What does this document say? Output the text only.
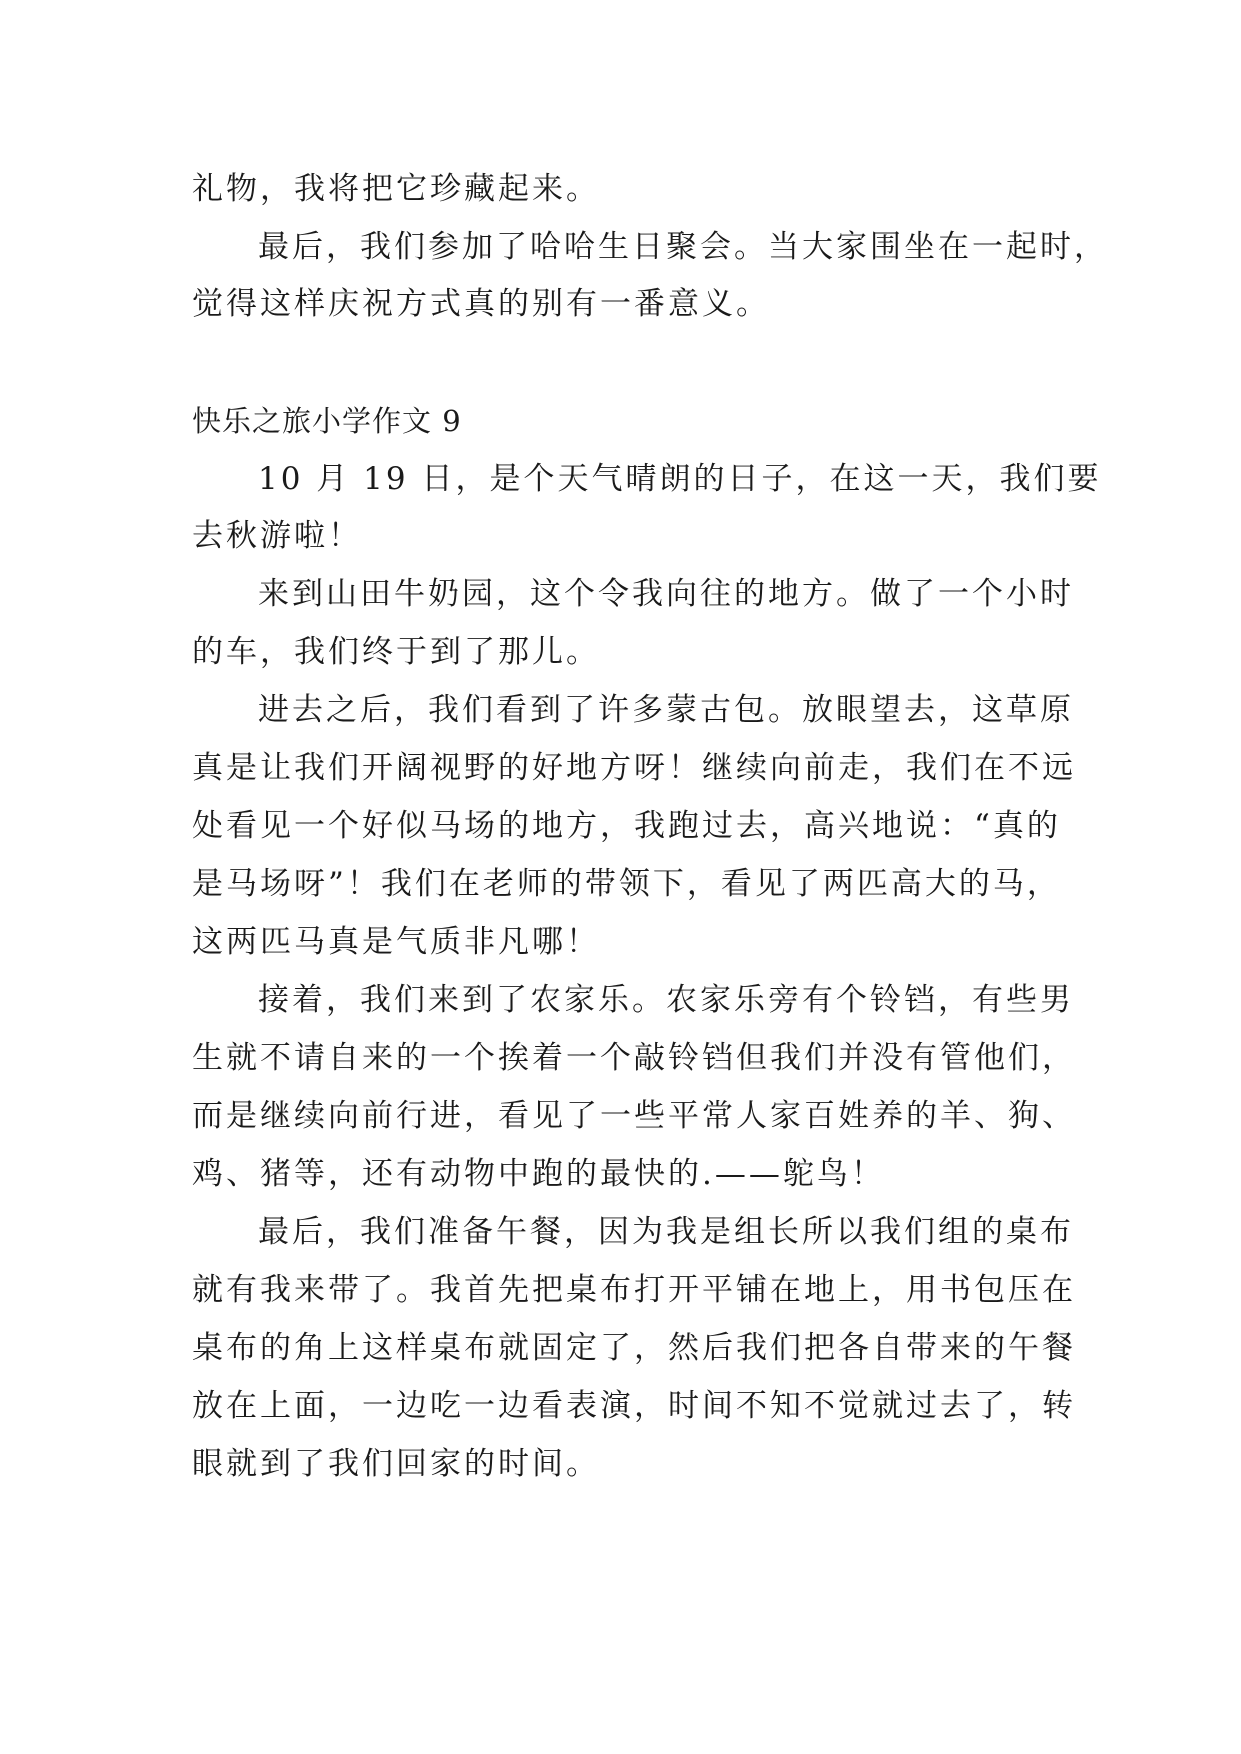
礼物，我将把它珍藏起来。
最后，我们参加了哈哈生日聚会。当大家围坐在一起时，
觉得这样庆祝方式真的别有一番意义。
快乐之旅小学作文 9
10 月 19 日，是个天气晴朗的日子，在这一天，我们要
去秋游啦！
来到山田牛奶园，这个令我向往的地方。做了一个小时
的车，我们终于到了那儿。
进去之后，我们看到了许多蒙古包。放眼望去，这草原
真是让我们开阔视野的好地方呀！继续向前走，我们在不远
处看见一个好似马场的地方，我跑过去，高兴地说：“真的
是马场呀”！我们在老师的带领下，看见了两匹高大的马，
这两匹马真是气质非凡哪！
接着，我们来到了农家乐。农家乐旁有个铃铛，有些男
生就不请自来的一个挨着一个敲铃铛但我们并没有管他们，
而是继续向前行进，看见了一些平常人家百姓养的羊、狗、
鸡、猪等，还有动物中跑的最快的.——鸵鸟！
最后，我们准备午餐，因为我是组长所以我们组的桌布
就有我来带了。我首先把桌布打开平铺在地上，用书包压在
桌布的角上这样桌布就固定了，然后我们把各自带来的午餐
放在上面，一边吃一边看表演，时间不知不觉就过去了，转
眼就到了我们回家的时间。
